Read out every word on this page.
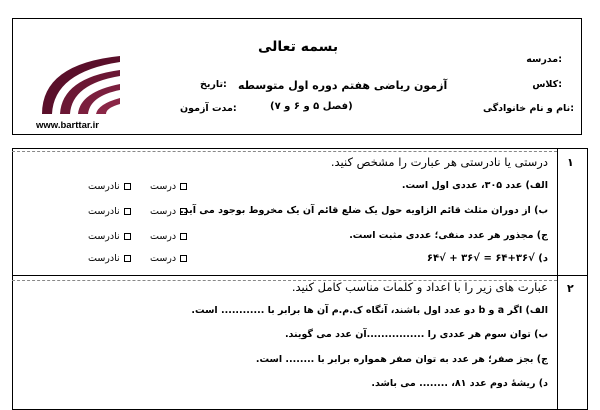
بسمه تعالی
مدرسه:
کلاس:
نام و نام خانوادگی:
تاریخ:
مدت آزمون:
آزمون ریاضی هفتم دوره اول متوسطه
(فصل ۵ و ۶ و ۷)
www.barttar.ir
۱
درستی یا نادرستی هر عبارت را مشخص کنید.
الف) عدد ۳۰۵، عددی اول است.
ب) از دوران مثلث قائم الزاویه حول یک ضلع قائم آن یک مخروط بوجود می آید.
ج) مجذور هر عدد منفی؛ عددی مثبت است.
د) √۳۶+۶۴ = √۳۶ + √۶۴
درست
نادرست
درست
نادرست
درست
نادرست
درست
نادرست
۲
عبارت های زیر را با اعداد و کلمات مناسب کامل کنید.
الف) اگر a و b دو عدد اول باشند، آنگاه ک.م.م آن ها برابر با ............ است.
ب) توان سوم هر عددی را ................آن عدد می گویند.
ج) بجز صفر؛ هر عدد به توان صفر همواره برابر با ........ است.
د) ریشهٔ دوم عدد ۸۱، ........ می باشد.
